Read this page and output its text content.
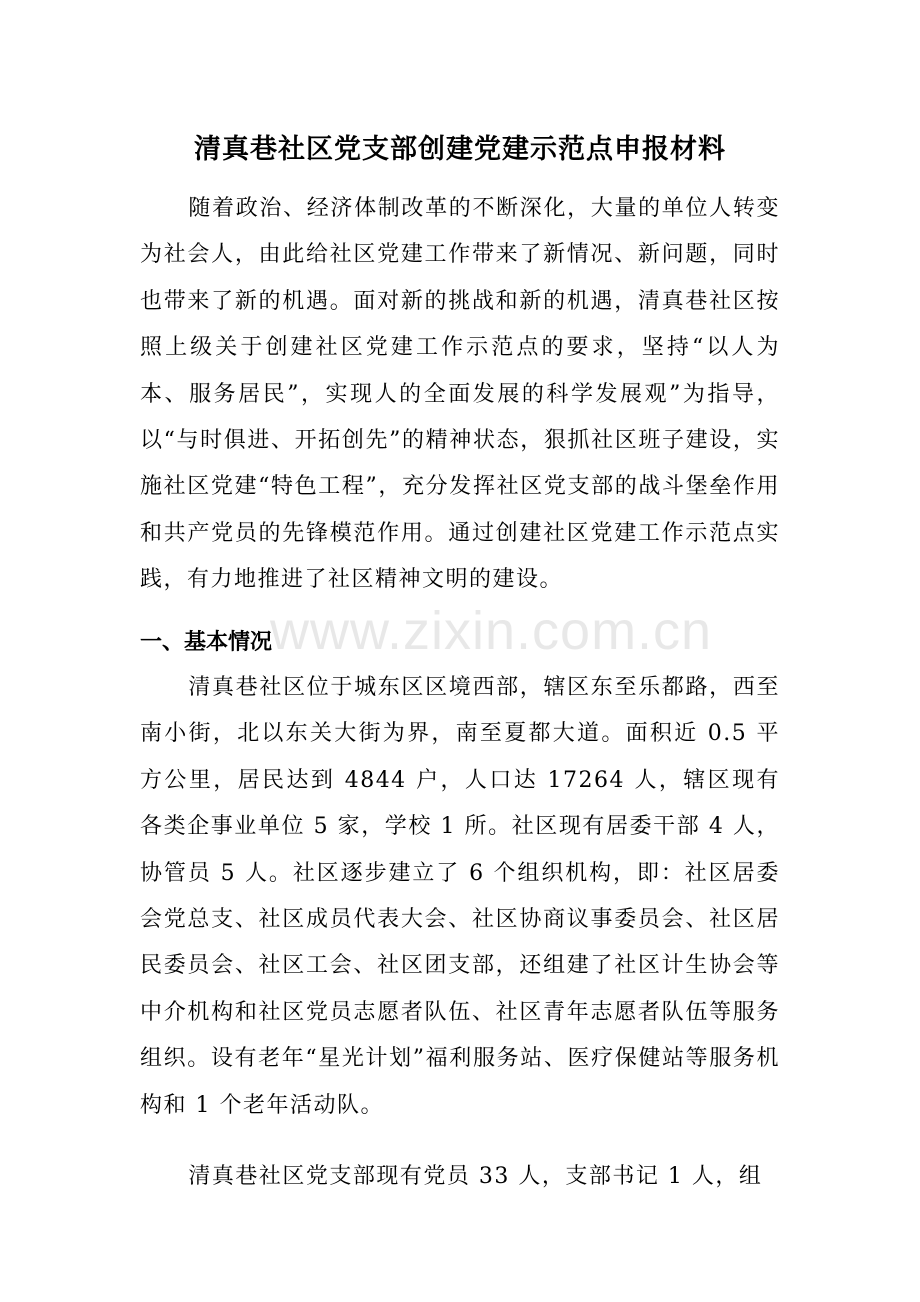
清真巷社区党支部创建党建示范点申报材料

随着政治、经济体制改革的不断深化，大量的单位人转变为社会人，由此给社区党建工作带来了新情况、新问题，同时也带来了新的机遇。面对新的挑战和新的机遇，清真巷社区按照上级关于创建社区党建工作示范点的要求，坚持“以人为本、服务居民”，实现人的全面发展的科学发展观”为指导，以“与时俱进、开拓创先”的精神状态，狠抓社区班子建设，实施社区党建“特色工程”，充分发挥社区党支部的战斗堡垒作用和共产党员的先锋模范作用。通过创建社区党建工作示范点实践，有力地推进了社区精神文明的建设。

www.zixin.com.cn
一、基本情况

清真巷社区位于城东区区境西部，辖区东至乐都路，西至南小街，北以东关大街为界，南至夏都大道。面积近 0.5 平方公里，居民达到 4844 户，人口达 17264 人，辖区现有各类企事业单位 5 家，学校 1 所。社区现有居委干部 4 人，协管员 5 人。社区逐步建立了 6 个组织机构，即：社区居委会党总支、社区成员代表大会、社区协商议事委员会、社区居民委员会、社区工会、社区团支部，还组建了社区计生协会等中介机构和社区党员志愿者队伍、社区青年志愿者队伍等服务组织。设有老年“星光计划”福利服务站、医疗保健站等服务机构和 1 个老年活动队。

清真巷社区党支部现有党员 33 人，支部书记 1 人，组
